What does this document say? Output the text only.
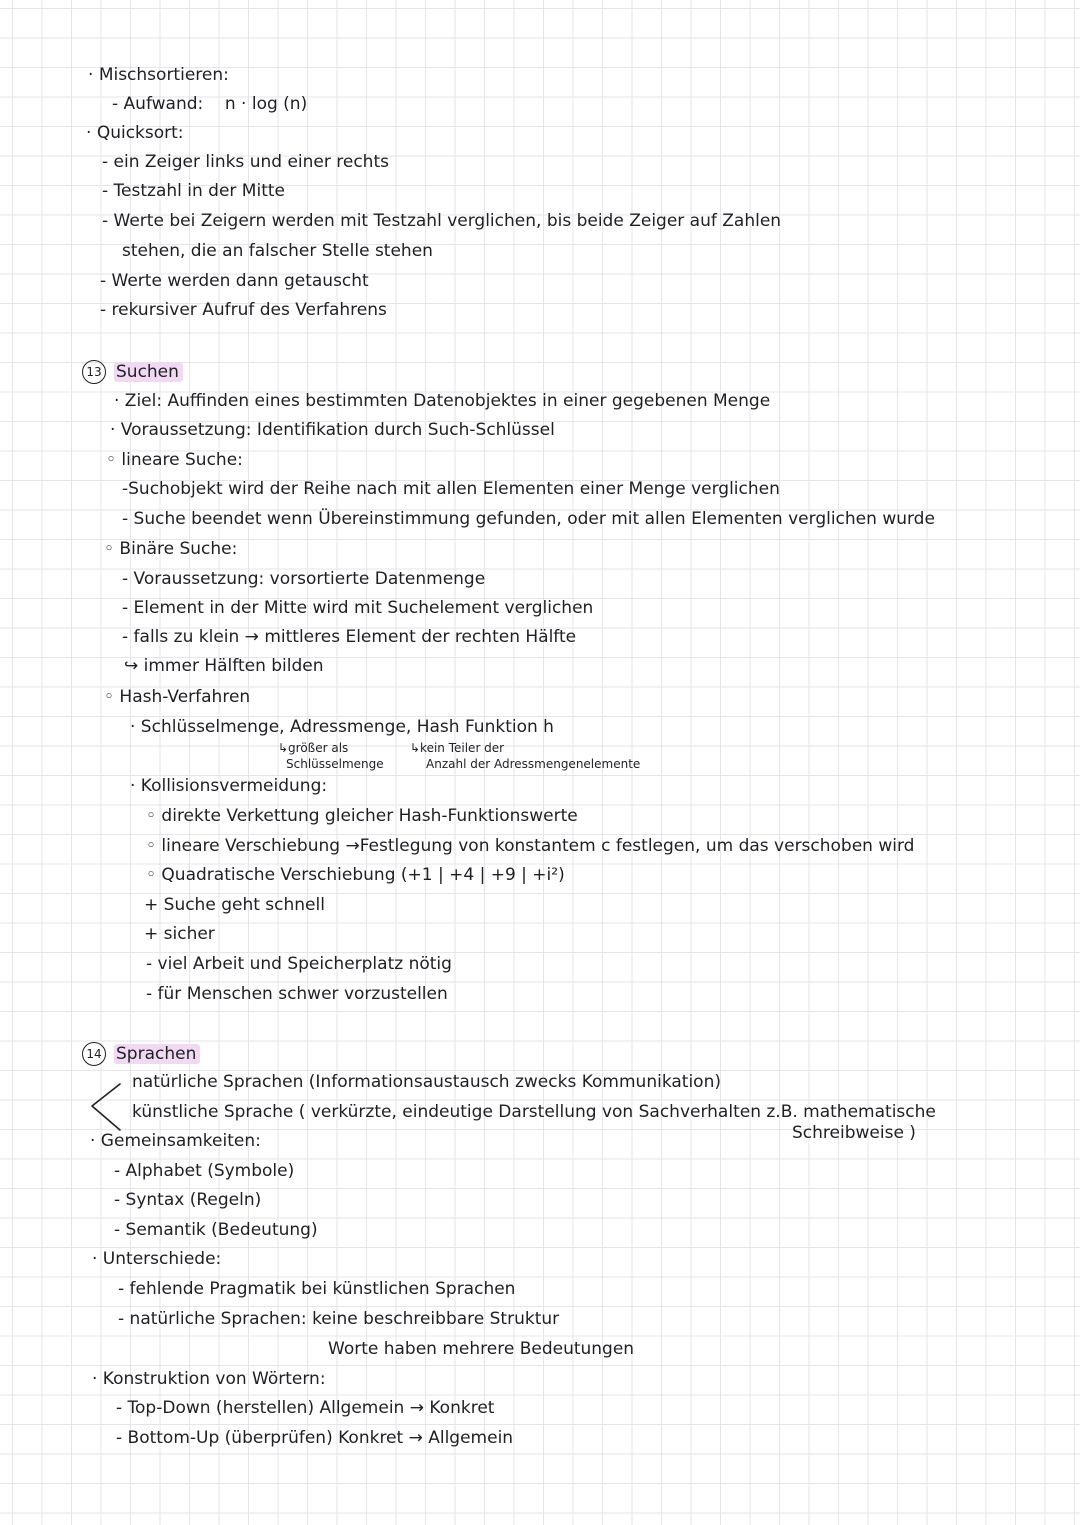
· Mischsortieren:
- Aufwand: n · log (n)
· Quicksort:
- ein Zeiger links und einer rechts
- Testzahl in der Mitte
- Werte bei Zeigern werden mit Testzahl verglichen, bis beide Zeiger auf Zahlen
stehen, die an falscher Stelle stehen
- Werte werden dann getauscht
- rekursiver Aufruf des Verfahrens
13 Suchen
· Ziel: Auffinden eines bestimmten Datenobjektes in einer gegebenen Menge
· Voraussetzung: Identifikation durch Such-Schlüssel
◦ lineare Suche:
-Suchobjekt wird der Reihe nach mit allen Elementen einer Menge verglichen
- Suche beendet wenn Übereinstimmung gefunden, oder mit allen Elementen verglichen wurde
◦ Binäre Suche:
- Voraussetzung: vorsortierte Datenmenge
- Element in der Mitte wird mit Suchelement verglichen
- falls zu klein → mittleres Element der rechten Hälfte
↪ immer Hälften bilden
◦ Hash-Verfahren
· Schlüsselmenge, Adressmenge, Hash Funktion h
↳größer als
Schlüsselmenge
↳kein Teiler der
Anzahl der Adressmengenelemente
· Kollisionsvermeidung:
◦ direkte Verkettung gleicher Hash-Funktionswerte
◦ lineare Verschiebung →Festlegung von konstantem c festlegen, um das verschoben wird
◦ Quadratische Verschiebung (+1 | +4 | +9 | +i²)
+ Suche geht schnell
+ sicher
- viel Arbeit und Speicherplatz nötig
- für Menschen schwer vorzustellen
14 Sprachen
natürliche Sprachen (Informationsaustausch zwecks Kommunikation)
künstliche Sprache ( verkürzte, eindeutige Darstellung von Sachverhalten z.B. mathematische
Schreibweise )
· Gemeinsamkeiten:
- Alphabet (Symbole)
- Syntax (Regeln)
- Semantik (Bedeutung)
· Unterschiede:
- fehlende Pragmatik bei künstlichen Sprachen
- natürliche Sprachen: keine beschreibbare Struktur
Worte haben mehrere Bedeutungen
· Konstruktion von Wörtern:
- Top-Down (herstellen) Allgemein → Konkret
- Bottom-Up (überprüfen) Konkret → Allgemein
